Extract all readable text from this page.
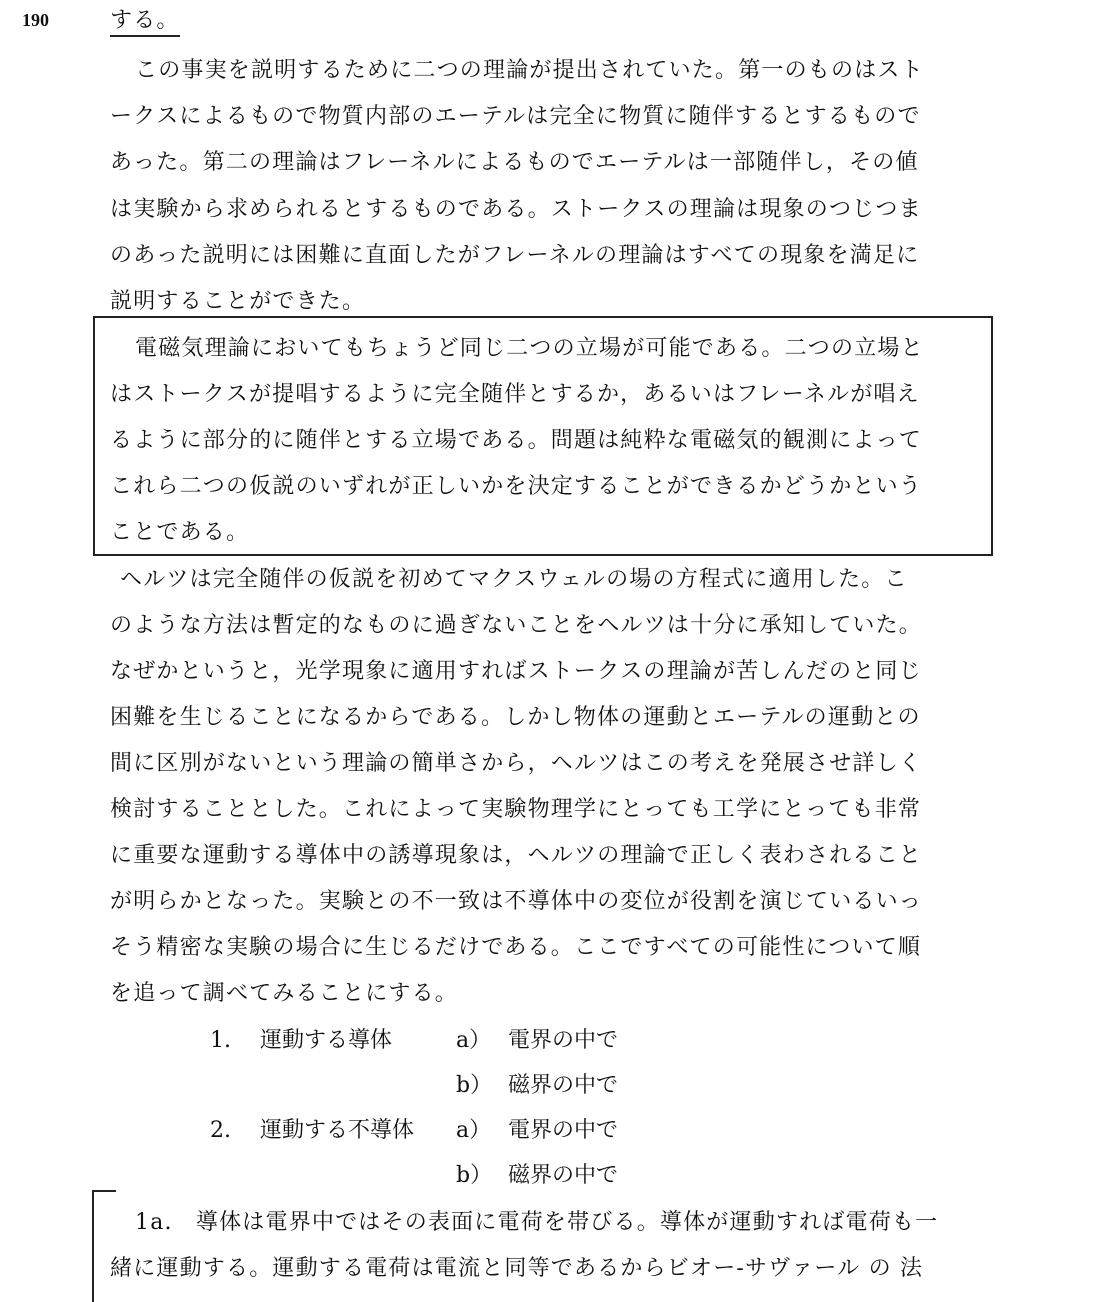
190	する。
この事実を説明するために二つの理論が提出されていた。第一のものはスト
ークスによるもので物質内部のエーテルは完全に物質に随伴するとするもので
あった。第二の理論はフレーネルによるものでエーテルは一部随伴し，その値
は実験から求められるとするものである。ストークスの理論は現象のつじつま
のあった説明には困難に直面したがフレーネルの理論はすべての現象を満足に
説明することができた。
電磁気理論においてもちょうど同じ二つの立場が可能である。二つの立場と
はストークスが提唱するように完全随伴とするか，あるいはフレーネルが唱え
るように部分的に随伴とする立場である。問題は純粋な電磁気的観測によって
これら二つの仮説のいずれが正しいかを決定することができるかどうかという
ことである。
ヘルツは完全随伴の仮説を初めてマクスウェルの場の方程式に適用した。こ
のような方法は暫定的なものに過ぎないことをヘルツは十分に承知していた。
なぜかというと，光学現象に適用すればストークスの理論が苦しんだのと同じ
困難を生じることになるからである。しかし物体の運動とエーテルの運動との
間に区別がないという理論の簡単さから，ヘルツはこの考えを発展させ詳しく
検討することとした。これによって実験物理学にとっても工学にとっても非常
に重要な運動する導体中の誘導現象は，ヘルツの理論で正しく表わされること
が明らかとなった。実験との不一致は不導体中の変位が役割を演じているいっ
そう精密な実験の場合に生じるだけである。ここですべての可能性について順
を追って調べてみることにする。
1. 運動する導体	a） 電界の中で
b） 磁界の中で
2. 運動する不導体 a） 電界の中で
b） 磁界の中で
1a.　導体は電界中ではその表面に電荷を帯びる。導体が運動すれば電荷も一
緒に運動する。運動する電荷は電流と同等であるからビオー-サヴァール の 法
